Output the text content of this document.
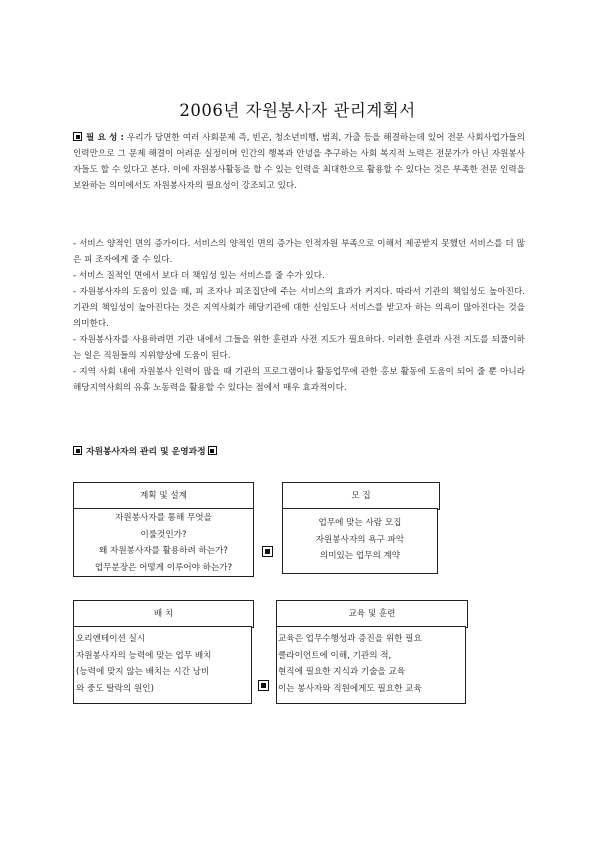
2006년 자원봉사자 관리계획서
필 요 성 : 우리가 당면한 여러 사회문제 즉, 빈곤, 청소년비행, 범죄, 가출 등을 해결하는데 있어 전문 사회사업가들의 인력만으로 그 문제 해결이 어려운 실정이며 인간의 행복과 안녕을 추구하는 사회 복지적 노력은 전문가가 아닌 자원봉사자들도 할 수 있다고 본다. 이에 자원봉사활동을 할 수 있는 인력을 최대한으로 활용할 수 있다는 것은 부족한 전문 인력을 보완하는 의미에서도 자원봉사자의 필요성이 강조되고 있다.

- 서비스 양적인 면의 증가이다. 서비스의 양적인 면의 증가는 인적자원 부족으로 이해서 제공받지 못했던 서비스를 더 많은 피 조자에게 줄 수 있다.

- 서비스 질적인 면에서 보다 더 책임성 있는 서비스를 줄 수가 있다.

- 자원봉사자의 도움이 있을 때, 피 조자나 피조집단에 주는 서비스의 효과가 커지다. 따라서 기관의 책임성도 높아진다. 기관의 책임성이 높아진다는 것은 지역사회가 해당기관에 대한 신임도나 서비스를 받고자 하는 의욕이 많아진다는 것을 의미한다.

- 자원봉사자를 사용하려면 기관 내에서 그들을 위한 훈련과 사전 지도가 필요하다. 이러한 훈련과 사전 지도를 되풀이하는 일은 직원들의 지위향상에 도움이 된다.

- 지역 사회 내에 자원봉사 인력이 많을 때 기관의 프로그램이나 활동업무에 관한 홍보 활동에 도움이 되어 줄 뿐 아니라 해당지역사회의 유휴 노동력을 활용할 수 있다는 점에서 매우 효과적이다.

자원봉사자의 관리 및 운영과정
계획 및 설계
자원봉사자를 통해 무엇을
이룰것인가?
왜 자원봉사자를 활용하려 하는가?
업무분장은 어떻게 이루어야 하는가?
모 집
업무에 맞는 사람 모집
자원봉사자의 욕구 파악
의미있는 업무의 계약
배 치
오리엔테이션 실시
자원봉사자의 능력에 맞는 업무 배치
(능력에 맞지 않는 배치는 시간 낭비
와 중도 탈락의 원인)
교육 및 훈련
교육은 업무수행성과 증진을 위한 필요
클라이언트에 이해, 기관의 적,
현직에 필요한 지식과 기술을 교육
이는 봉사자와 직원에게도 필요한 교육
